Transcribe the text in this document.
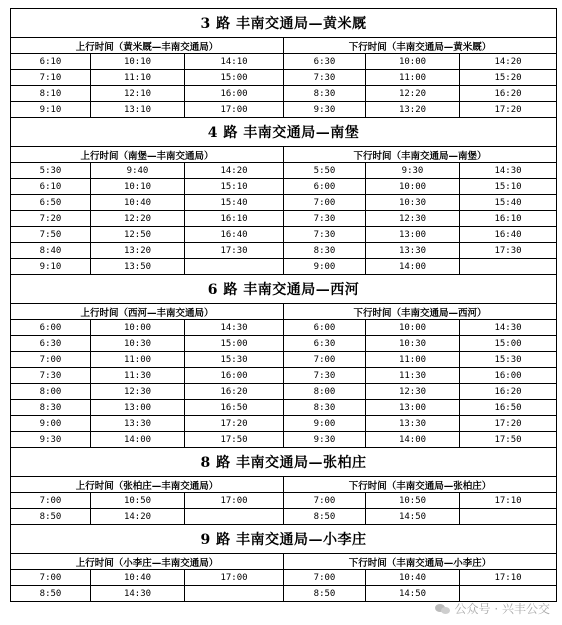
3 路 丰南交通局—黄米厩					
上行时间（黄米厩—丰南交通局）			下行时间（丰南交通局—黄米厩）		
6:10	10:10	14:10	6:30	10:00	14:20
7:10	11:10	15:00	7:30	11:00	15:20
8:10	12:10	16:00	8:30	12:20	16:20
9:10	13:10	17:00	9:30	13:20	17:20
4 路 丰南交通局—南堡					
上行时间（南堡—丰南交通局）			下行时间（丰南交通局—南堡）		
5:30	9:40	14:20	5:50	9:30	14:30
6:10	10:10	15:10	6:00	10:00	15:10
6:50	10:40	15:40	7:00	10:30	15:40
7:20	12:20	16:10	7:30	12:30	16:10
7:50	12:50	16:40	7:30	13:00	16:40
8:40	13:20	17:30	8:30	13:30	17:30
9:10	13:50		9:00	14:00	
6 路 丰南交通局—西河					
上行时间（西河—丰南交通局）			下行时间（丰南交通局—西河）		
6:00	10:00	14:30	6:00	10:00	14:30
6:30	10:30	15:00	6:30	10:30	15:00
7:00	11:00	15:30	7:00	11:00	15:30
7:30	11:30	16:00	7:30	11:30	16:00
8:00	12:30	16:20	8:00	12:30	16:20
8:30	13:00	16:50	8:30	13:00	16:50
9:00	13:30	17:20	9:00	13:30	17:20
9:30	14:00	17:50	9:30	14:00	17:50
8 路 丰南交通局—张柏庄					
上行时间（张柏庄—丰南交通局）			下行时间（丰南交通局—张柏庄）		
7:00	10:50	17:00	7:00	10:50	17:10
8:50	14:20		8:50	14:50	
9 路 丰南交通局—小李庄					
上行时间（小李庄—丰南交通局）			下行时间（丰南交通局—小李庄）		
7:00	10:40	17:00	7:00	10:40	17:10
8:50	14:30		8:50	14:50	
公众号 · 兴丰公交
